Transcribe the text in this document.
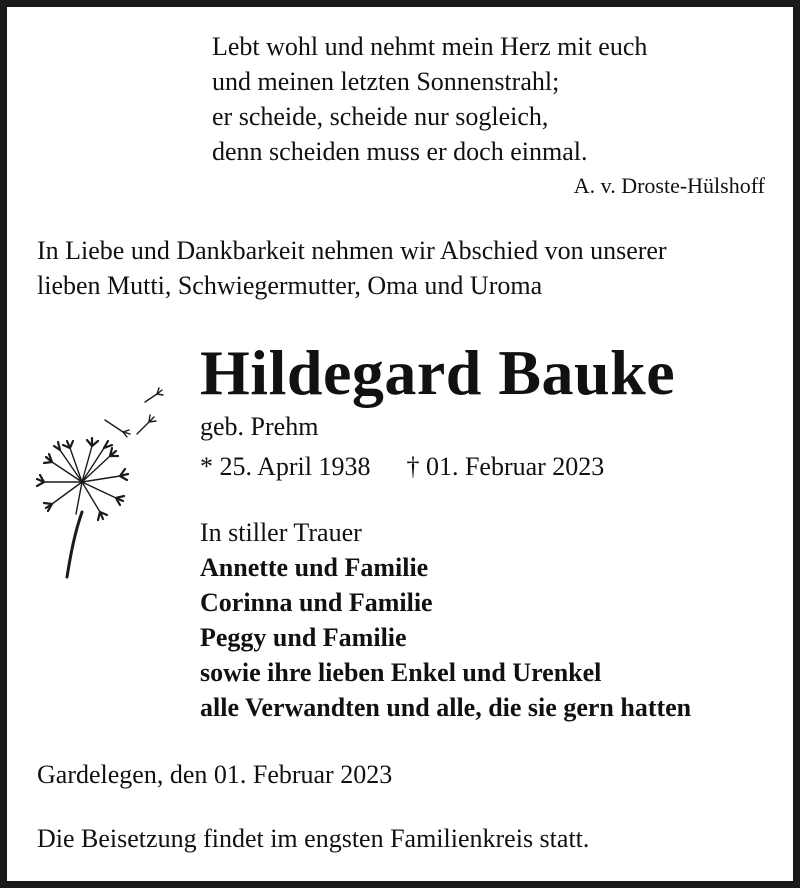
Lebt wohl und nehmt mein Herz mit euch
und meinen letzten Sonnenstrahl;
er scheide, scheide nur sogleich,
denn scheiden muss er doch einmal.
A. v. Droste-Hülshoff
In Liebe und Dankbarkeit nehmen wir Abschied von unserer
lieben Mutti, Schwiegermutter, Oma und Uroma
Hildegard Bauke
geb. Prehm
* 25. April 1938 † 01. Februar 2023
In stiller Trauer
Annette und Familie
Corinna und Familie
Peggy und Familie
sowie ihre lieben Enkel und Urenkel
alle Verwandten und alle, die sie gern hatten
Gardelegen, den 01. Februar 2023
Die Beisetzung findet im engsten Familienkreis statt.
